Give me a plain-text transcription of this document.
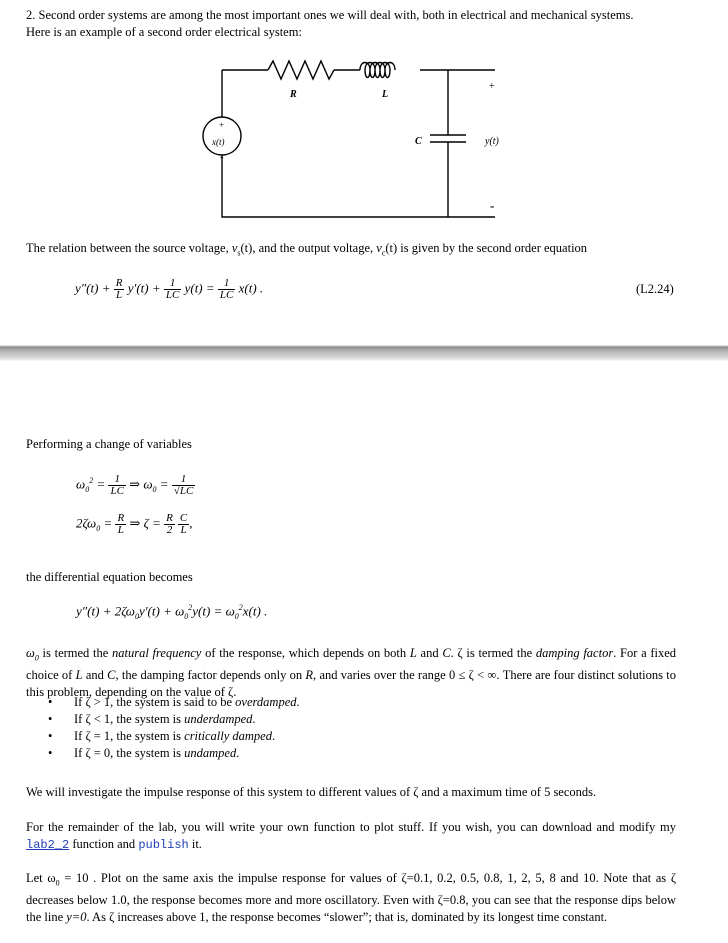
2. Second order systems are among the most important ones we will deal with, both in electrical and mechanical systems.
Here is an example of a second order electrical system:
R	L
C
x(t)
+
-
y(t)
+
-
The relation between the source voltage, $v_s(t)$, and the output voltage, $v_c(t)$ is given by the second order equation
$y''(t) + \frac{R}{L} y'(t) + \frac{1}{LC} y(t) = \frac{1}{LC} x(t)$ .	(L2.24)
Performing a change of variables
$\omega_0^2 = \frac{1}{LC}$ ⇒ $\omega_0 = \frac{1}{√LC}$
$2\zeta\omega_0 = \frac{R}{L}$ ⇒ $\zeta = \frac{R}{2} \frac{C}{L}$ ,
the differential equation becomes
$y''(t) + 2\zeta\omega_0y'(t) + \omega_0^2y(t) = \omega_0^2x(t)$ .
$\omega_0$ is termed the natural frequency of the response, which depends on both L and C. ζ is termed the damping factor. For a fixed choice of L and C, the damping factor depends only on R, and varies over the range 0 ≤ ζ < ∞. There are four distinct solutions to this problem, depending on the value of ζ.
• If ζ > 1, the system is said to be overdamped.
• If ζ < 1, the system is underdamped.
• If ζ = 1, the system is critically damped.
• If ζ = 0, the system is undamped.
We will investigate the impulse response of this system to different values of ζ and a maximum time of 5 seconds.
For the remainder of the lab, you will write your own function to plot stuff. If you wish, you can download and modify my lab2_2 function and publish it.
Let $\omega_0 = 10$ . Plot on the same axis the impulse response for values of ζ=0.1, 0.2, 0.5, 0.8, 1, 2, 5, 8 and 10. Note that as ζ decreases below 1.0, the response becomes more and more oscillatory. Even with ζ=0.8, you can see that the response dips below the line y=0. As ζ increases above 1, the response becomes “slower”; that is, dominated by its longest time constant.
